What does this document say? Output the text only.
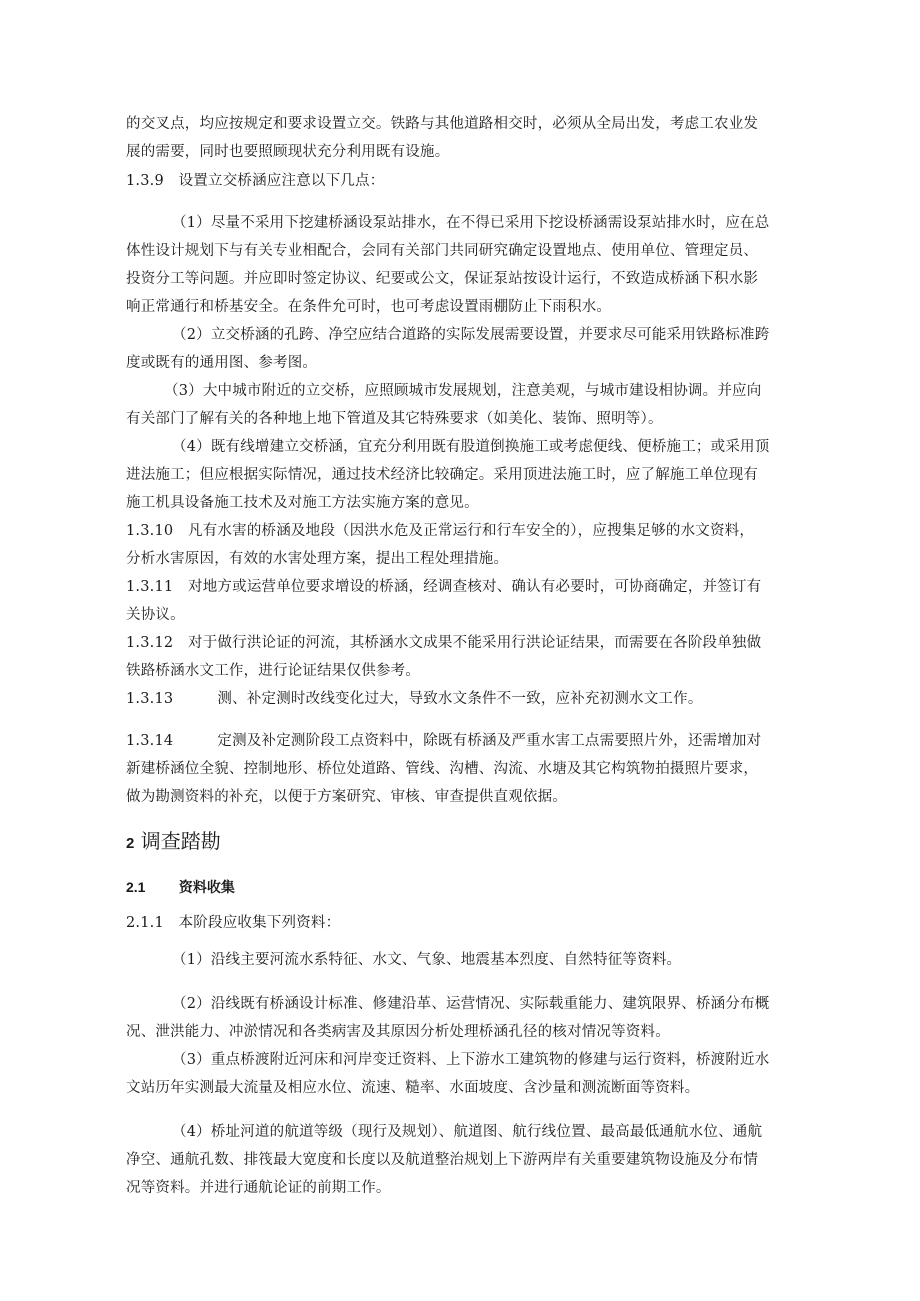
的交叉点，均应按规定和要求设置立交。铁路与其他道路相交时，必须从全局出发，考虑工农业发
展的需要，同时也要照顾现状充分利用既有设施。
1.3.9　设置立交桥涵应注意以下几点：
（1）尽量不采用下挖建桥涵设泵站排水，在不得已采用下挖设桥涵需设泵站排水时，应在总
体性设计规划下与有关专业相配合，会同有关部门共同研究确定设置地点、使用单位、管理定员、
投资分工等问题。并应即时签定协议、纪要或公文，保证泵站按设计运行，不致造成桥涵下积水影
响正常通行和桥基安全。在条件允可时，也可考虑设置雨棚防止下雨积水。
（2）立交桥涵的孔跨、净空应结合道路的实际发展需要设置，并要求尽可能采用铁路标准跨
度或既有的通用图、参考图。
（3）大中城市附近的立交桥，应照顾城市发展规划，注意美观，与城市建设相协调。并应向
有关部门了解有关的各种地上地下管道及其它特殊要求（如美化、装饰、照明等）。
（4）既有线增建立交桥涵，宜充分利用既有股道倒换施工或考虑便线、便桥施工；或采用顶
进法施工；但应根据实际情况，通过技术经济比较确定。采用顶进法施工时，应了解施工单位现有
施工机具设备施工技术及对施工方法实施方案的意见。
1.3.10　凡有水害的桥涵及地段（因洪水危及正常运行和行车安全的），应搜集足够的水文资料，
分析水害原因，有效的水害处理方案，提出工程处理措施。
1.3.11　对地方或运营单位要求增设的桥涵，经调查核对、确认有必要时，可协商确定，并签订有
关协议。
1.3.12　对于做行洪论证的河流，其桥涵水文成果不能采用行洪论证结果，而需要在各阶段单独做
铁路桥涵水文工作，进行论证结果仅供参考。
1.3.13　　　测、补定测时改线变化过大，导致水文条件不一致，应补充初测水文工作。
1.3.14　　　定测及补定测阶段工点资料中，除既有桥涵及严重水害工点需要照片外，还需增加对
新建桥涵位全貌、控制地形、桥位处道路、管线、沟槽、沟流、水塘及其它构筑物拍摄照片要求，
做为勘测资料的补充，以便于方案研究、审核、审查提供直观依据。
2 调查踏勘
2.1 资料收集
2.1.1　本阶段应收集下列资料：
（1）沿线主要河流水系特征、水文、气象、地震基本烈度、自然特征等资料。
（2）沿线既有桥涵设计标准、修建沿革、运营情况、实际载重能力、建筑限界、桥涵分布概
况、泄洪能力、冲淤情况和各类病害及其原因分析处理桥涵孔径的核对情况等资料。
（3）重点桥渡附近河床和河岸变迁资料、上下游水工建筑物的修建与运行资料，桥渡附近水
文站历年实测最大流量及相应水位、流速、糙率、水面坡度、含沙量和测流断面等资料。
（4）桥址河道的航道等级（现行及规划）、航道图、航行线位置、最高最低通航水位、通航
净空、通航孔数、排筏最大宽度和长度以及航道整治规划上下游两岸有关重要建筑物设施及分布情
况等资料。并进行通航论证的前期工作。
